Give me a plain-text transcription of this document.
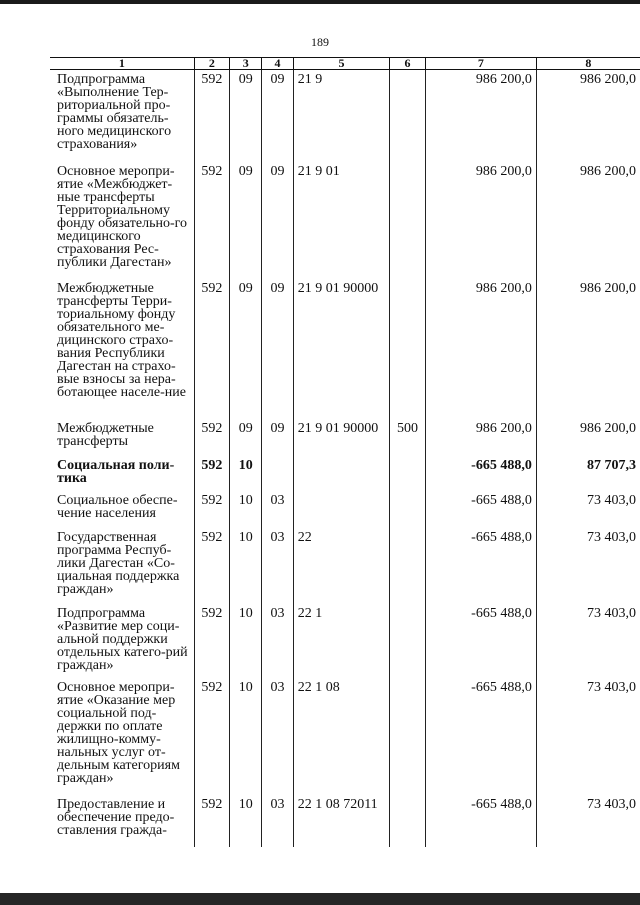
189
1	2	3	4	5	6	7	8
Подпрограмма «Выполнение Тер-риториальной про-граммы обязатель-ного медицинского страхования»	592	09	09	21 9		986 200,0	986 200,0
Основное меропри-ятие «Межбюджет-ные трансферты Территориальному фонду обязательно-го медицинского страхования Рес-публики Дагестан»	592	09	09	21 9 01		986 200,0	986 200,0
Межбюджетные трансферты Терри-ториальному фонду обязательного ме-дицинского страхо-вания Республики Дагестан на страхо-вые взносы за нера-ботающее населе-ние	592	09	09	21 9 01 90000		986 200,0	986 200,0
Межбюджетные трансферты	592	09	09	21 9 01 90000	500	986 200,0	986 200,0
Социальная поли-тика	592	10				-665 488,0	87 707,3
Социальное обеспе-чение населения	592	10	03			-665 488,0	73 403,0
Государственная программа Респуб-лики Дагестан «Со-циальная поддержка граждан»	592	10	03	22		-665 488,0	73 403,0
Подпрограмма «Развитие мер соци-альной поддержки отдельных катего-рий граждан»	592	10	03	22 1		-665 488,0	73 403,0
Основное меропри-ятие «Оказание мер социальной под-держки по оплате жилищно-комму-нальных услуг от-дельным категориям граждан»	592	10	03	22 1 08		-665 488,0	73 403,0
Предоставление и обеспечение предо-ставления гражда-	592	10	03	22 1 08 72011		-665 488,0	73 403,0
